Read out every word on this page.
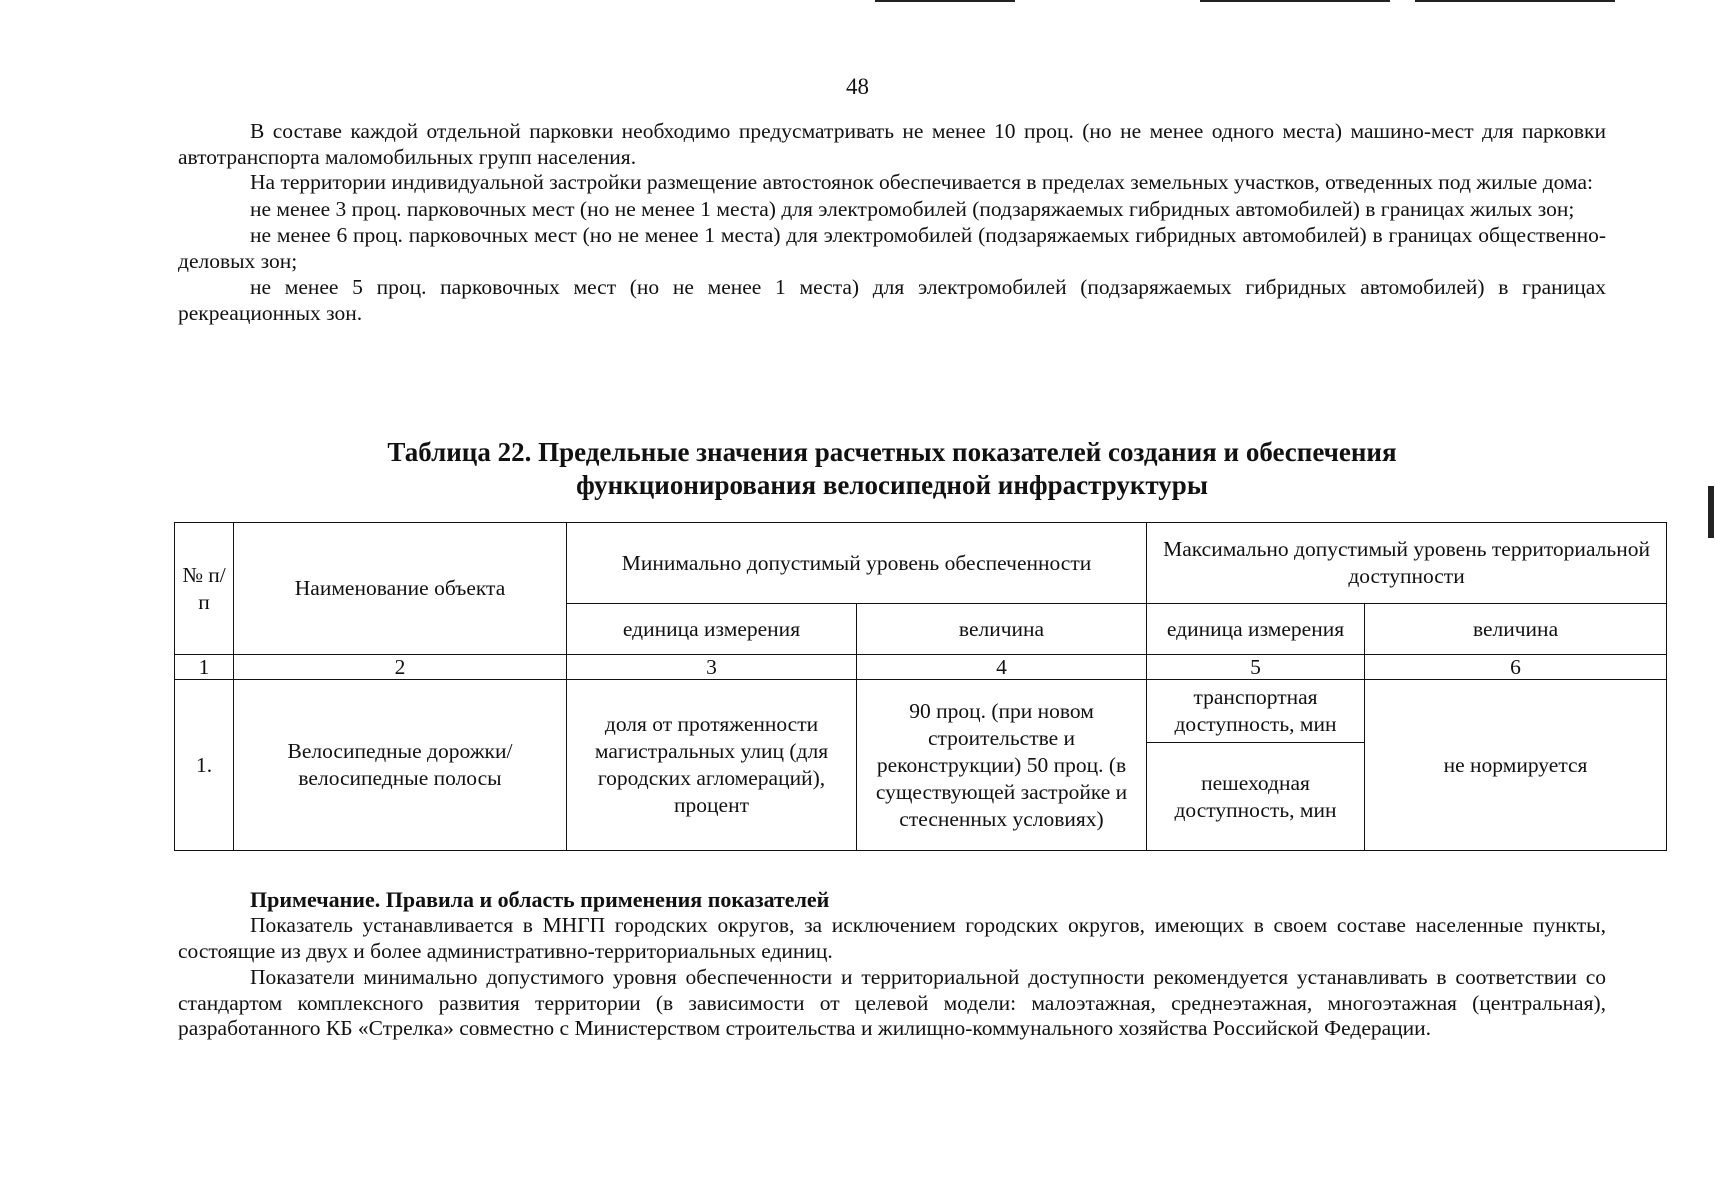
48

В составе каждой отдельной парковки необходимо предусматривать не менее 10 проц. (но не менее одного места) машино-мест для парковки автотранспорта маломобильных групп населения.

На территории индивидуальной застройки размещение автостоянок обеспечивается в пределах земельных участков, отведенных под жилые дома:

не менее 3 проц. парковочных мест (но не менее 1 места) для электромобилей (подзаряжаемых гибридных автомобилей) в границах жилых зон;

не менее 6 проц. парковочных мест (но не менее 1 места) для электромобилей (подзаряжаемых гибридных автомобилей) в границах общественно-деловых зон;

не менее 5 проц. парковочных мест (но не менее 1 места) для электромобилей (подзаряжаемых гибридных автомобилей) в границах рекреационных зон.

Таблица 22. Предельные значения расчетных показателей создания и обеспечения
функционирования велосипедной инфраструктуры
№ п/п	Наименование объекта	Минимально допустимый уровень обеспеченности		Максимально допустимый уровень территориальной доступности	
		единица измерения	величина	единица измерения	величина
1	2	3	4	5	6
1.	Велосипедные дорожки/ велосипедные полосы	доля от протяженности магистральных улиц (для городских агломераций), процент	90 проц. (при новом строительстве и реконструкции) 50 проц. (в существующей застройке и стесненных условиях)	транспортная доступность, мин	не нормируется
				пешеходная доступность, мин	
Примечание. Правила и область применения показателей

Показатель устанавливается в МНГП городских округов, за исключением городских округов, имеющих в своем составе населенные пункты, состоящие из двух и более административно-территориальных единиц.

Показатели минимально допустимого уровня обеспеченности и территориальной доступности рекомендуется устанавливать в соответствии со стандартом комплексного развития территории (в зависимости от целевой модели: малоэтажная, среднеэтажная, многоэтажная (центральная), разработанного КБ «Стрелка» совместно с Министерством строительства и жилищно-коммунального хозяйства Российской Федерации.
